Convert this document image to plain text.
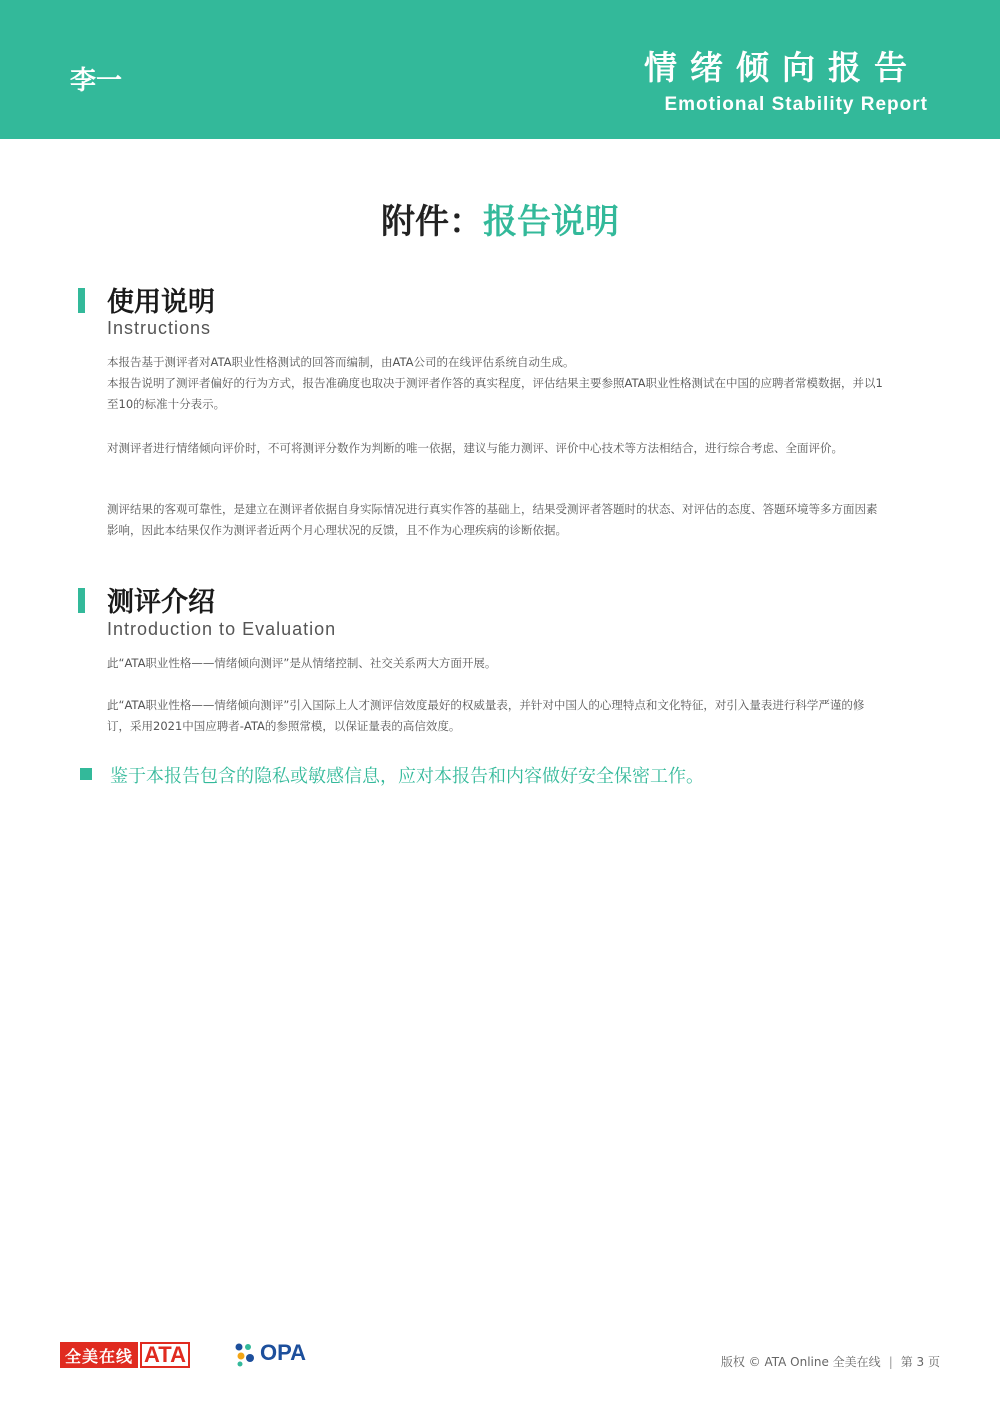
李一	情绪倾向报告
Emotional Stability Report
附件：报告说明
使用说明
Instructions

本报告基于测评者对ATA职业性格测试的回答而编制，由ATA公司的在线评估系统自动生成。
本报告说明了测评者偏好的行为方式，报告准确度也取决于测评者作答的真实程度，评估结果主要参照ATA职业性格测试在中国的应聘者常模数据，并以1至10的标准十分表示。

对测评者进行情绪倾向评价时，不可将测评分数作为判断的唯一依据，建议与能力测评、评价中心技术等方法相结合，进行综合考虑、全面评价。

测评结果的客观可靠性，是建立在测评者依据自身实际情况进行真实作答的基础上，结果受测评者答题时的状态、对评估的态度、答题环境等多方面因素影响，因此本结果仅作为测评者近两个月心理状况的反馈，且不作为心理疾病的诊断依据。

测评介绍
Introduction to Evaluation

此“ATA职业性格——情绪倾向测评”是从情绪控制、社交关系两大方面开展。

此“ATA职业性格——情绪倾向测评”引入国际上人才测评信效度最好的权威量表，并针对中国人的心理特点和文化特征，对引入量表进行科学严谨的修订，采用2021中国应聘者-ATA的参照常模，以保证量表的高信效度。

鉴于本报告包含的隐私或敏感信息，应对本报告和内容做好安全保密工作。
全美在线 ATA	OPA	版权 © ATA Online 全美在线 | 第 3 页
